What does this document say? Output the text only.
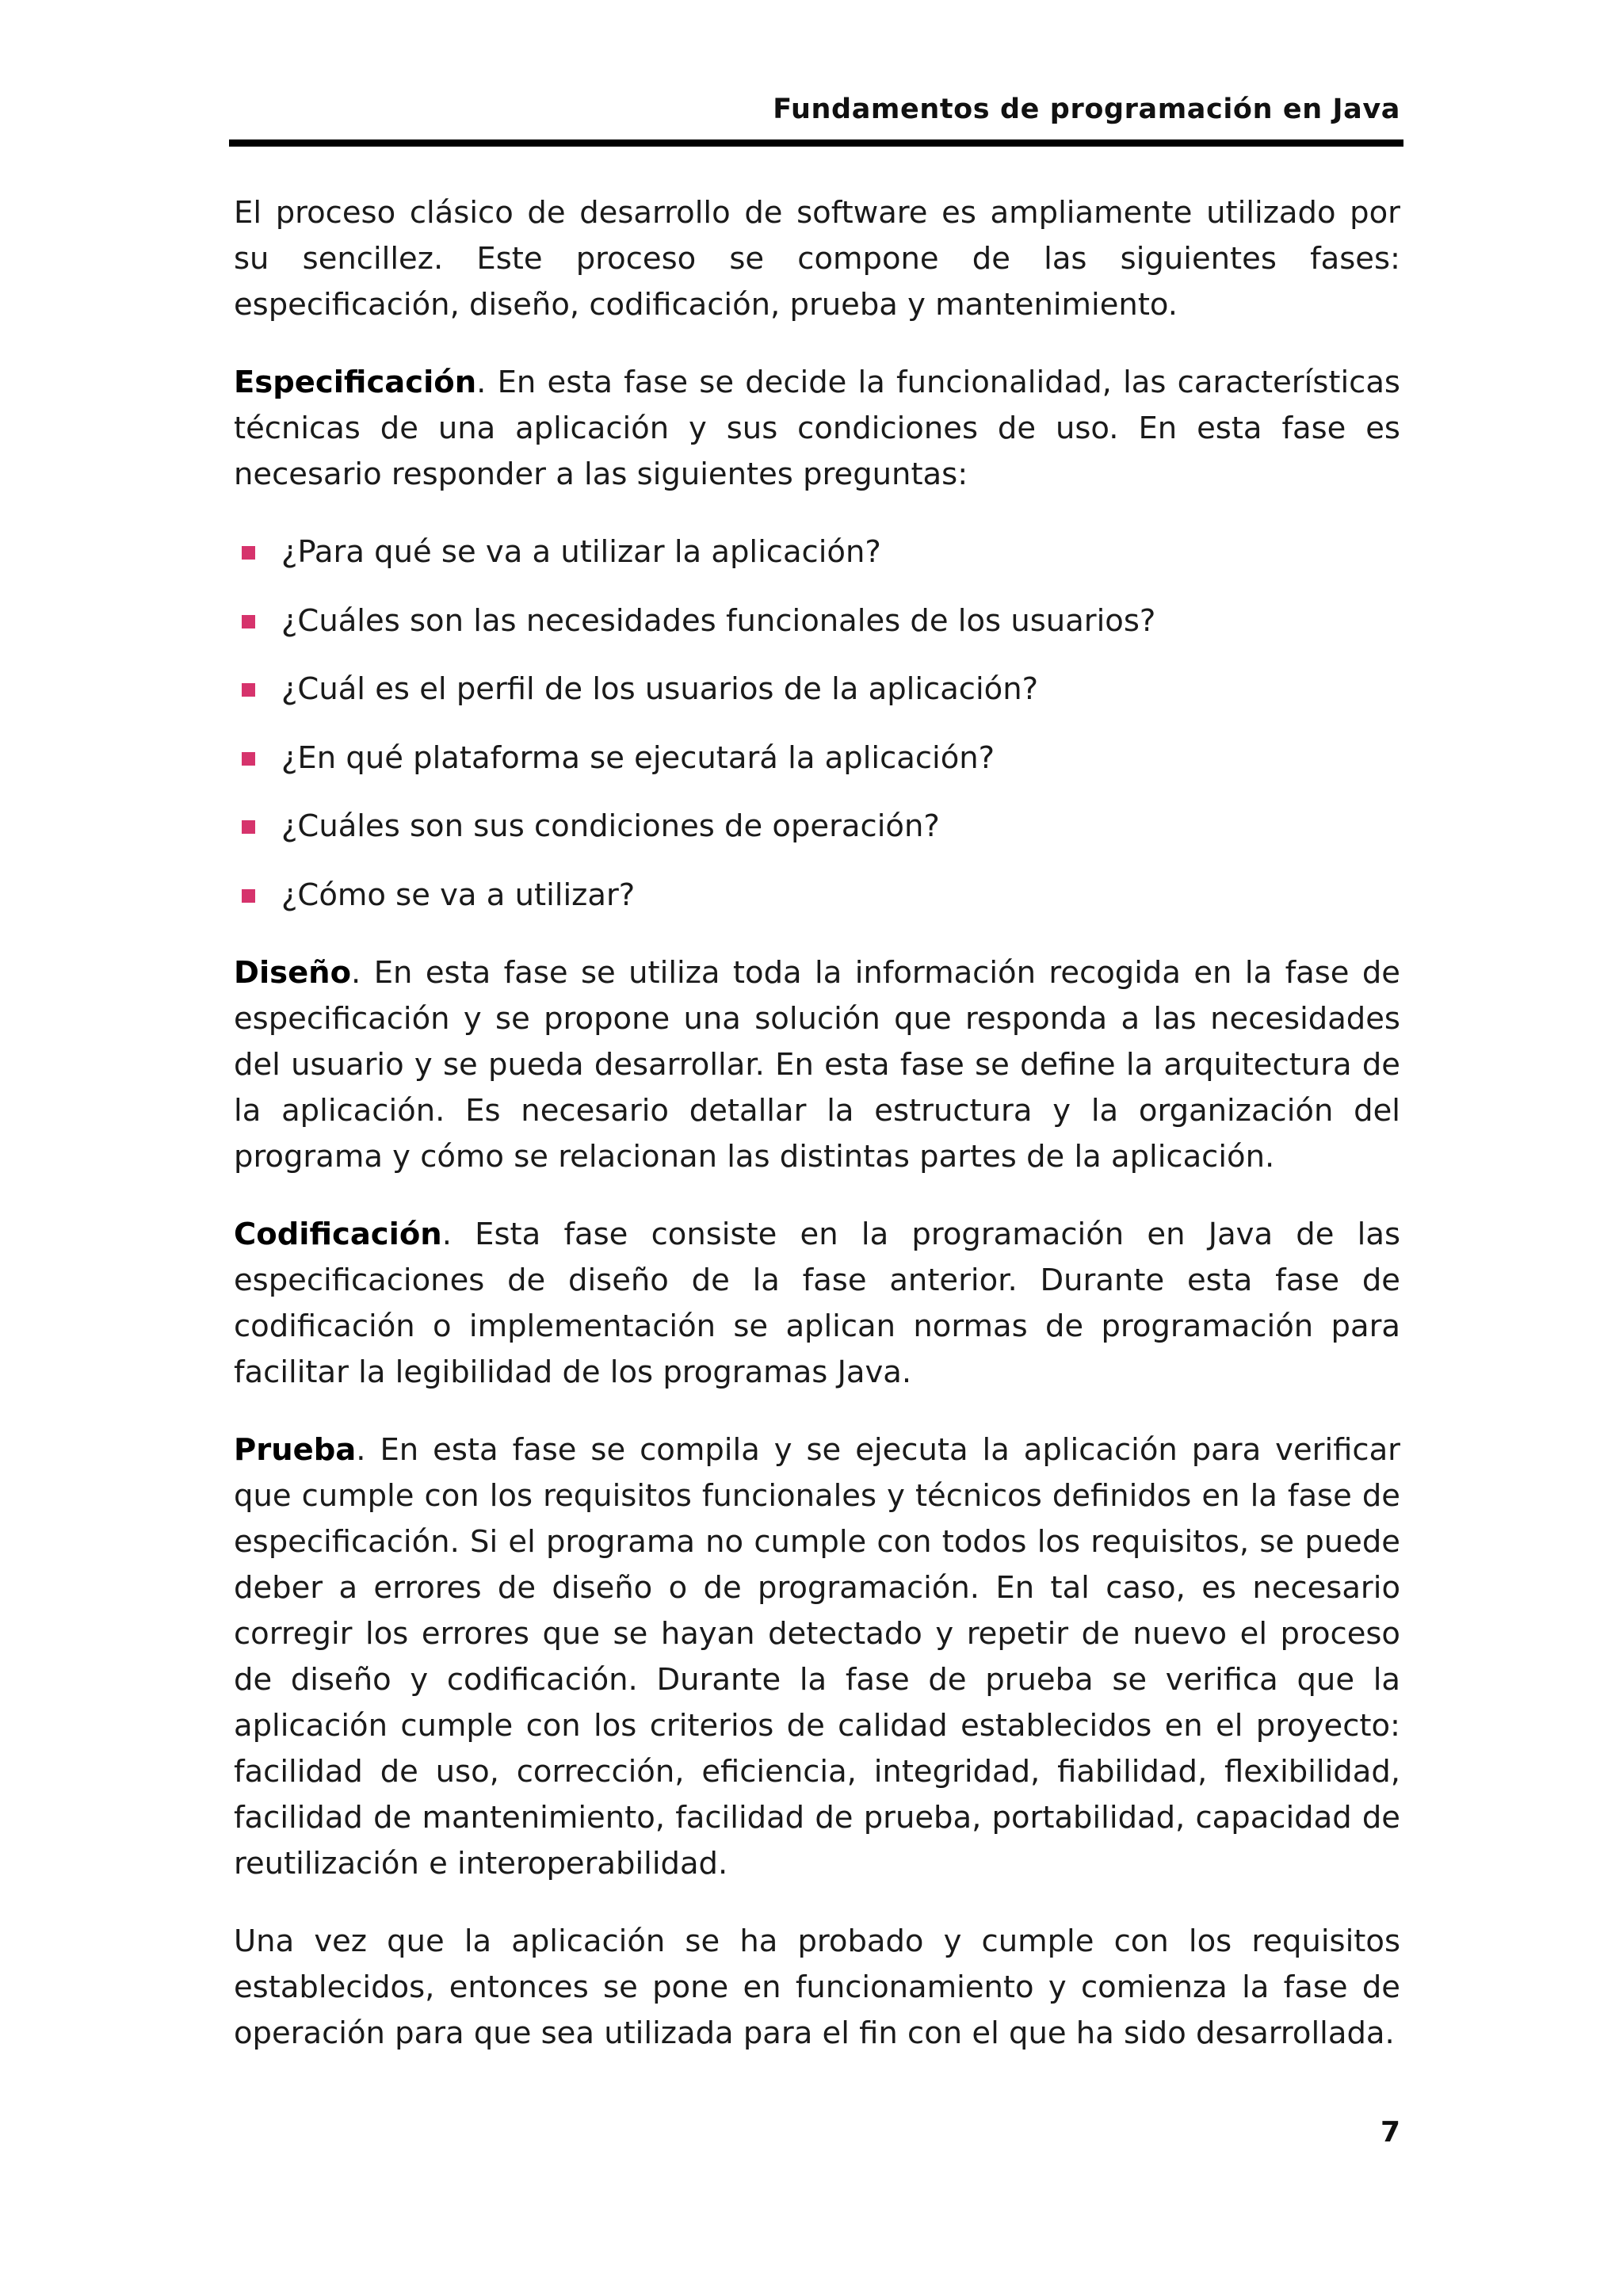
Fundamentos de programación en Java

El proceso clásico de desarrollo de software es ampliamente utilizado por su sencillez. Este proceso se compone de las siguientes fases: especificación, diseño, codificación, prueba y mantenimiento.

Especificación. En esta fase se decide la funcionalidad, las características técnicas de una aplicación y sus condiciones de uso. En esta fase es necesario responder a las siguientes preguntas:

¿Para qué se va a utilizar la aplicación?
¿Cuáles son las necesidades funcionales de los usuarios?
¿Cuál es el perfil de los usuarios de la aplicación?
¿En qué plataforma se ejecutará la aplicación?
¿Cuáles son sus condiciones de operación?
¿Cómo se va a utilizar?

Diseño. En esta fase se utiliza toda la información recogida en la fase de especificación y se propone una solución que responda a las necesidades del usuario y se pueda desarrollar. En esta fase se define la arquitectura de la aplicación. Es necesario detallar la estructura y la organización del programa y cómo se relacionan las distintas partes de la aplicación.

Codificación. Esta fase consiste en la programación en Java de las especificaciones de diseño de la fase anterior. Durante esta fase de codificación o implementación se aplican normas de programación para facilitar la legibilidad de los programas Java.

Prueba. En esta fase se compila y se ejecuta la aplicación para verificar que cumple con los requisitos funcionales y técnicos definidos en la fase de especificación. Si el programa no cumple con todos los requisitos, se puede deber a errores de diseño o de programación. En tal caso, es necesario corregir los errores que se hayan detectado y repetir de nuevo el proceso de diseño y codificación. Durante la fase de prueba se verifica que la aplicación cumple con los criterios de calidad establecidos en el proyecto: facilidad de uso, corrección, eficiencia, integridad, fiabilidad, flexibilidad, facilidad de mantenimiento, facilidad de prueba, portabilidad, capacidad de reutilización e interoperabilidad.

Una vez que la aplicación se ha probado y cumple con los requisitos establecidos, entonces se pone en funcionamiento y comienza la fase de operación para que sea utilizada para el fin con el que ha sido desarrollada.

7
